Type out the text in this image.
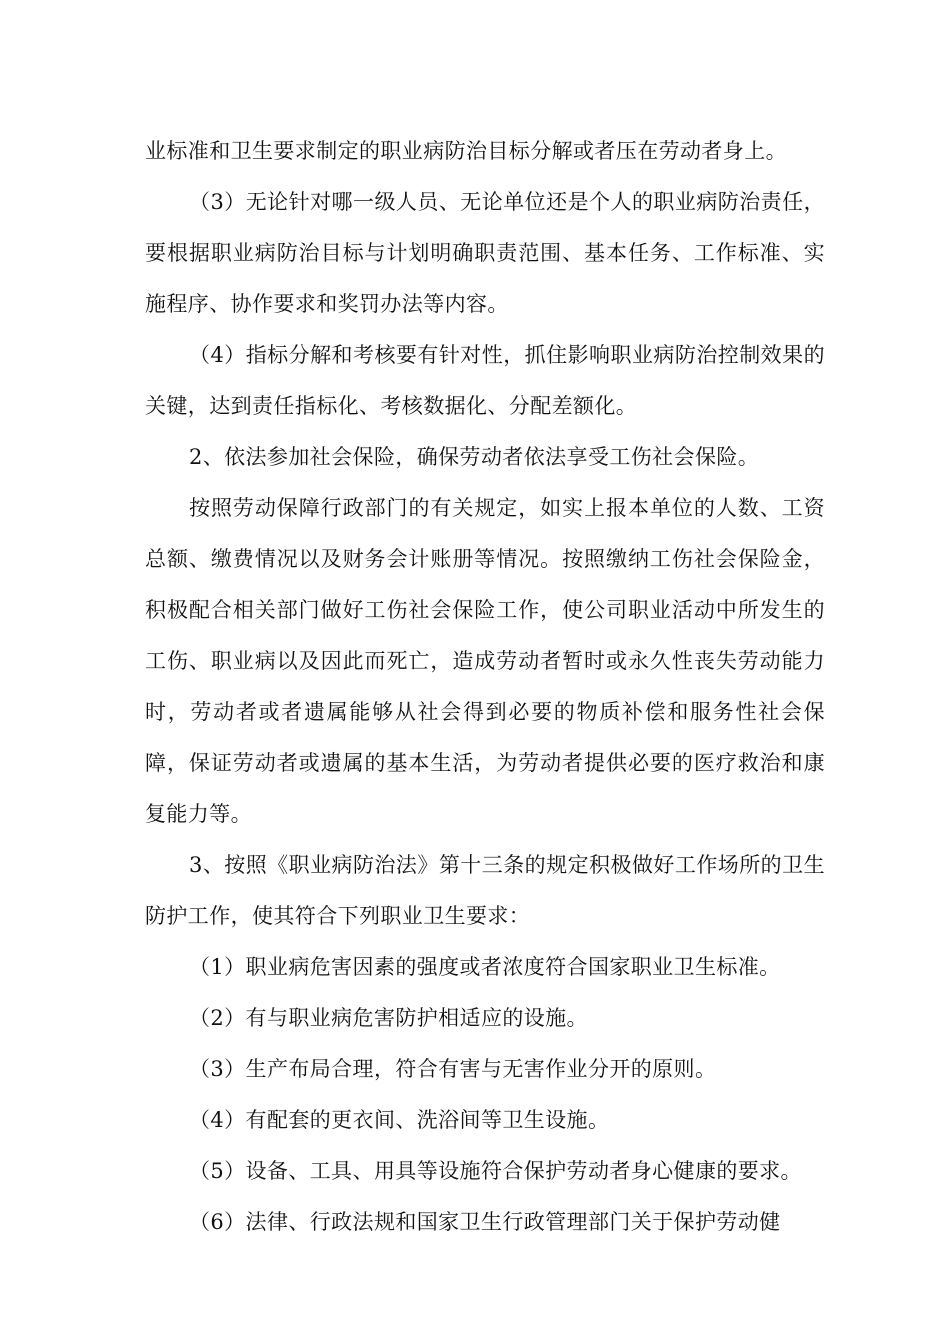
业标准和卫生要求制定的职业病防治目标分解或者压在劳动者身上。

（3）无论针对哪一级人员、无论单位还是个人的职业病防治责任，要根据职业病防治目标与计划明确职责范围、基本任务、工作标准、实施程序、协作要求和奖罚办法等内容。

（4）指标分解和考核要有针对性，抓住影响职业病防治控制效果的关键，达到责任指标化、考核数据化、分配差额化。

2、依法参加社会保险，确保劳动者依法享受工伤社会保险。

按照劳动保障行政部门的有关规定，如实上报本单位的人数、工资总额、缴费情况以及财务会计账册等情况。按照缴纳工伤社会保险金，积极配合相关部门做好工伤社会保险工作，使公司职业活动中所发生的工伤、职业病以及因此而死亡，造成劳动者暂时或永久性丧失劳动能力时，劳动者或者遗属能够从社会得到必要的物质补偿和服务性社会保障，保证劳动者或遗属的基本生活，为劳动者提供必要的医疗救治和康复能力等。

3、按照《职业病防治法》第十三条的规定积极做好工作场所的卫生防护工作，使其符合下列职业卫生要求：

（1）职业病危害因素的强度或者浓度符合国家职业卫生标准。

（2）有与职业病危害防护相适应的设施。

（3）生产布局合理，符合有害与无害作业分开的原则。

（4）有配套的更衣间、洗浴间等卫生设施。

（5）设备、工具、用具等设施符合保护劳动者身心健康的要求。

（6）法律、行政法规和国家卫生行政管理部门关于保护劳动健
